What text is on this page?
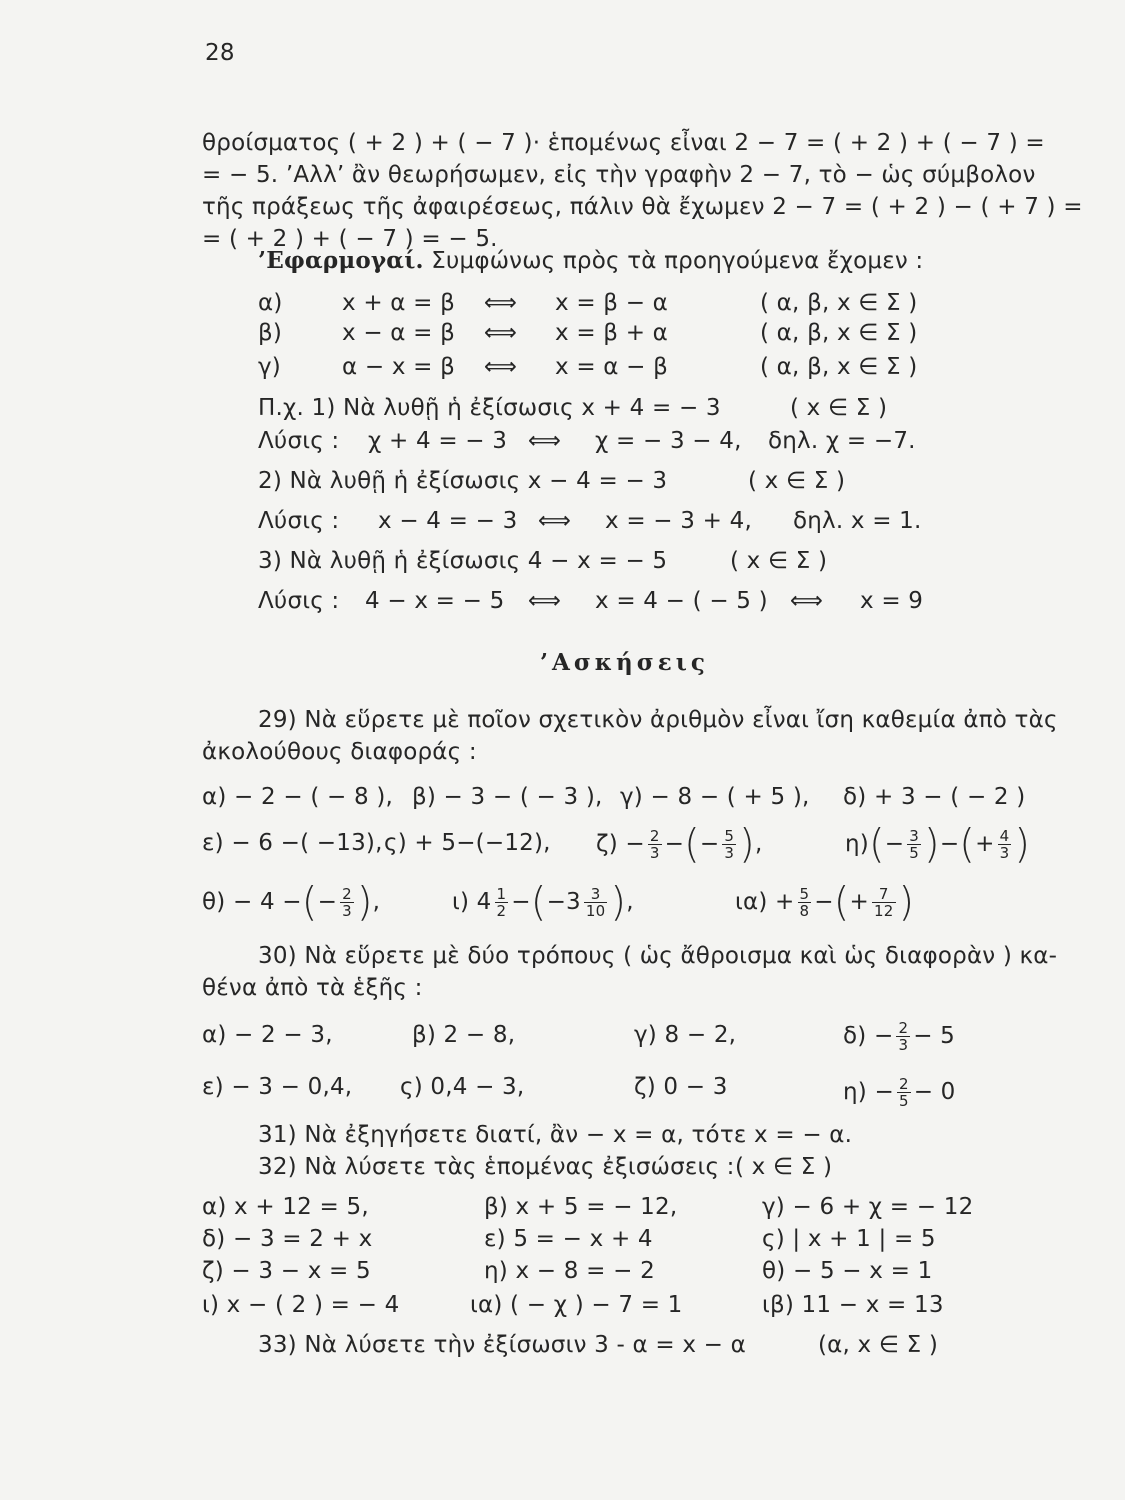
28
θροίσματος ( + 2 ) + ( − 7 )· ἑπομένως εἶναι 2 − 7 = ( + 2 ) + ( − 7 ) =
= − 5. ’Αλλ’ ἂν θεωρήσωμεν, εἰς τὴν γραφὴν 2 − 7, τὸ − ὡς σύμβολον
τῆς πράξεως τῆς ἀφαιρέσεως, πάλιν θὰ ἔχωμεν 2 − 7 = ( + 2 ) − ( + 7 ) =
= ( + 2 ) + ( − 7 ) = − 5.
’Εφαρμογαί. Συμφώνως πρὸς τὰ προηγούμενα ἔχομεν :
α)	x + α = β ⟺ x = β − α	( α, β, x ∈ Σ )
β)	x − α = β ⟺ x = β + α	( α, β, x ∈ Σ )
γ)	α − x = β ⟺ x = α − β	( α, β, x ∈ Σ )
Π.χ. 1) Νὰ λυθῇ ἡ ἐξίσωσις x + 4 = − 3	( x ∈ Σ )
Λύσις : χ + 4 = − 3 ⟺ χ = − 3 − 4, δηλ. χ = −7.
2) Νὰ λυθῇ ἡ ἐξίσωσις x − 4 = − 3	( x ∈ Σ )
Λύσις : x − 4 = − 3 ⟺ x = − 3 + 4, δηλ. x = 1.
3) Νὰ λυθῇ ἡ ἐξίσωσις 4 − x = − 5	( x ∈ Σ )
Λύσις : 4 − x = − 5 ⟺ x = 4 − ( − 5 ) ⟺ x = 9
’Ασκήσεις
29) Νὰ εὕρετε μὲ ποῖον σχετικὸν ἀριθμὸν εἶναι ἴση καθεμία ἀπὸ τὰς
ἀκολούθους διαφοράς :
α) − 2 − ( − 8 ), β) − 3 − ( − 3 ), γ) − 8 − ( + 5 ), δ) + 3 − ( − 2 )
ε) − 6 −( −13), ς) + 5−(−12), $\zeta) - \frac{2}{3}$ −(− $\frac{5}{3}$ ),	$\eta)(- \frac{3}{5}$ )−(+ $\frac{4}{3}$ )
θ) − 4 −(− $\frac{2}{3}$ ),	ι) $4 \frac{1}{2} -(-3 \frac{3}{10}$ ),	$\iota\alpha) + \frac{5}{8}$ −(+ $\frac{7}{12}$ )
30) Νὰ εὕρετε μὲ δύο τρόπους ( ὡς ἄθροισμα καὶ ὡς διαφορὰν ) κα-
θένα ἀπὸ τὰ ἑξῆς :
α) − 2 − 3,	β) 2 − 8,	γ) 8 − 2,	$\delta) - \frac{2}{3} - 5$
ε) − 3 − 0,4, ς) 0,4 − 3,	ζ) 0 − 3	$\eta) - \frac{2}{5} - 0$
31) Νὰ ἐξηγήσετε διατί, ἂν − x = α, τότε x = − α.
32) Νὰ λύσετε τὰς ἑπομένας ἐξισώσεις : ( x ∈ Σ )
α) x + 12 = 5,	β) x + 5 = − 12,	γ) − 6 + χ = − 12
δ) − 3 = 2 + x	ε) 5 = − x + 4	ς) | x + 1 | = 5
ζ) − 3 − x = 5	η) x − 8 = − 2	θ) − 5 − x = 1
ι) x − ( 2 ) = − 4	ια) ( − χ ) − 7 = 1	ιβ) 11 − x = 13
33) Νὰ λύσετε τὴν ἐξίσωσιν 3 - α = x − α	(α, x ∈ Σ )
